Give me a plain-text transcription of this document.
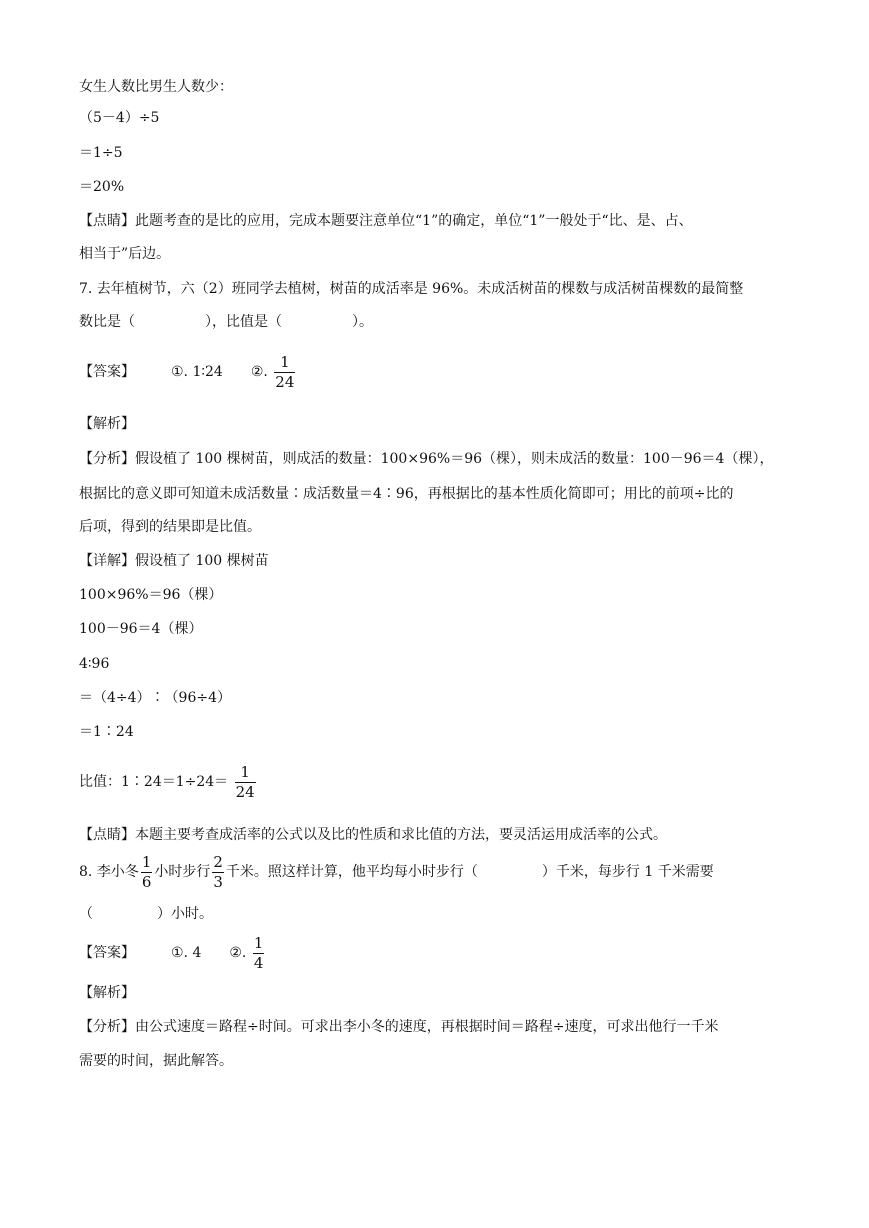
女生人数比男生人数少：
（5－4）÷5
＝1÷5
＝20%
【点睛】此题考查的是比的应用，完成本题要注意单位“1”的确定，单位“1”一般处于“比、是、占、
相当于”后边。
7. 去年植树节，六（2）班同学去植树，树苗的成活率是 96%。未成活树苗的棵数与成活树苗棵数的最简整
数比是（	），比值是（	）。
【答案】	①. 1∶24 ②. $\frac{1}{24}$
【解析】
【分析】假设植了 100 棵树苗，则成活的数量：100×96%＝96（棵），则未成活的数量：100－96＝4（棵），
根据比的意义即可知道未成活数量∶成活数量＝4∶96，再根据比的基本性质化简即可；用比的前项÷比的
后项，得到的结果即是比值。
【详解】假设植了 100 棵树苗
100×96%＝96（棵）
100－96＝4（棵）
4∶96
＝（4÷4）∶（96÷4）
＝1∶24
比值：1∶24＝1÷24＝ $\frac{1}{24}$
【点睛】本题主要考查成活率的公式以及比的性质和求比值的方法，要灵活运用成活率的公式。
8. 李小冬 $\frac{1}{6}$ 小时步行 $\frac{2}{3}$ 千米。照这样计算，他平均每小时步行（	）千米，每步行 1 千米需要
（	）小时。
【答案】	①. 4 ②. $\frac{1}{4}$
【解析】
【分析】由公式速度＝路程÷时间。可求出李小冬的速度，再根据时间＝路程÷速度，可求出他行一千米
需要的时间，据此解答。
